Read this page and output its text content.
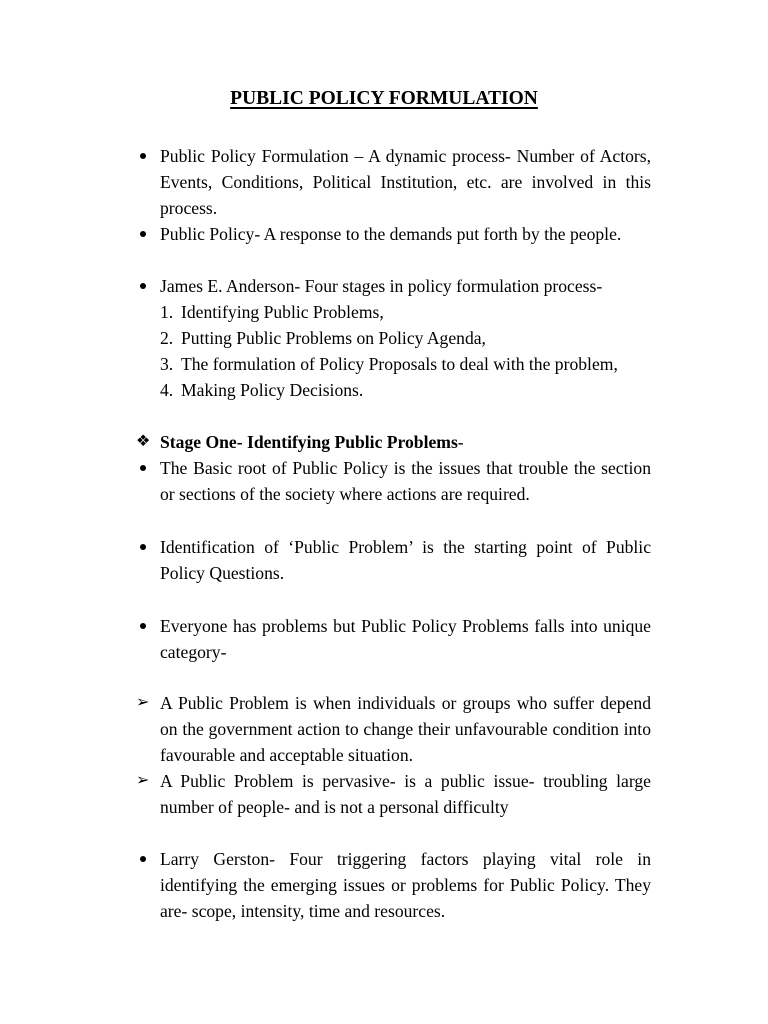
PUBLIC POLICY FORMULATION

Public Policy Formulation – A dynamic process- Number of Actors, Events, Conditions, Political Institution, etc. are involved in this process.

Public Policy- A response to the demands put forth by the people.

James E. Anderson- Four stages in policy formulation process-

1. Identifying Public Problems,

2. Putting Public Problems on Policy Agenda,

3. The formulation of Policy Proposals to deal with the problem,

4. Making Policy Decisions.

❖ Stage One- Identifying Public Problems-

The Basic root of Public Policy is the issues that trouble the section or sections of the society where actions are required.

Identification of ‘Public Problem’ is the starting point of Public Policy Questions.

Everyone has problems but Public Policy Problems falls into unique category-

➢ A Public Problem is when individuals or groups who suffer depend on the government action to change their unfavourable condition into favourable and acceptable situation.

➢ A Public Problem is pervasive- is a public issue- troubling large number of people- and is not a personal difficulty

Larry Gerston- Four triggering factors playing vital role in identifying the emerging issues or problems for Public Policy. They are- scope, intensity, time and resources.
